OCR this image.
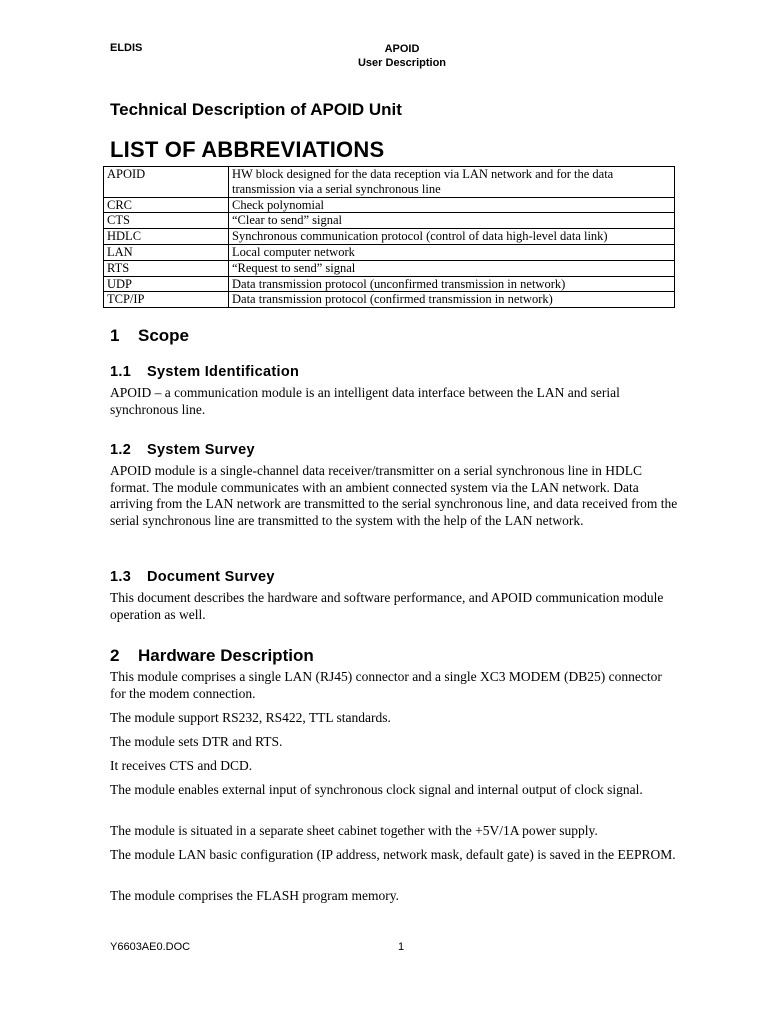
ELDIS	APOID
User Description
Technical Description of APOID Unit
LIST OF ABBREVIATIONS
APOID	HW block designed for the data reception via LAN network and for the data transmission via a serial synchronous line
CRC	Check polynomial
CTS	“Clear to send” signal
HDLC	Synchronous communication protocol (control of data high-level data link)
LAN	Local computer network
RTS	“Request to send” signal
UDP	Data transmission protocol (unconfirmed transmission in network)
TCP/IP	Data transmission protocol (confirmed transmission in network)
1 Scope
1.1 System Identification
APOID – a communication module is an intelligent data interface between the LAN and serial synchronous line.
1.2 System Survey
APOID module is a single-channel data receiver/transmitter on a serial synchronous line in HDLC format. The module communicates with an ambient connected system via the LAN network. Data arriving from the LAN network are transmitted to the serial synchronous line, and data received from the serial synchronous line are transmitted to the system with the help of the LAN network.
1.3 Document Survey
This document describes the hardware and software performance, and APOID communication module operation as well.
2 Hardware Description
This module comprises a single LAN (RJ45) connector and a single XC3 MODEM (DB25) connector for the modem connection.
The module support RS232, RS422, TTL standards.
The module sets DTR and RTS.
It receives CTS and DCD.
The module enables external input of synchronous clock signal and internal output of clock signal.
The module is situated in a separate sheet cabinet together with the +5V/1A power supply.
The module LAN basic configuration (IP address, network mask, default gate) is saved in the EEPROM.
The module comprises the FLASH program memory.
Y6603AE0.DOC	1
